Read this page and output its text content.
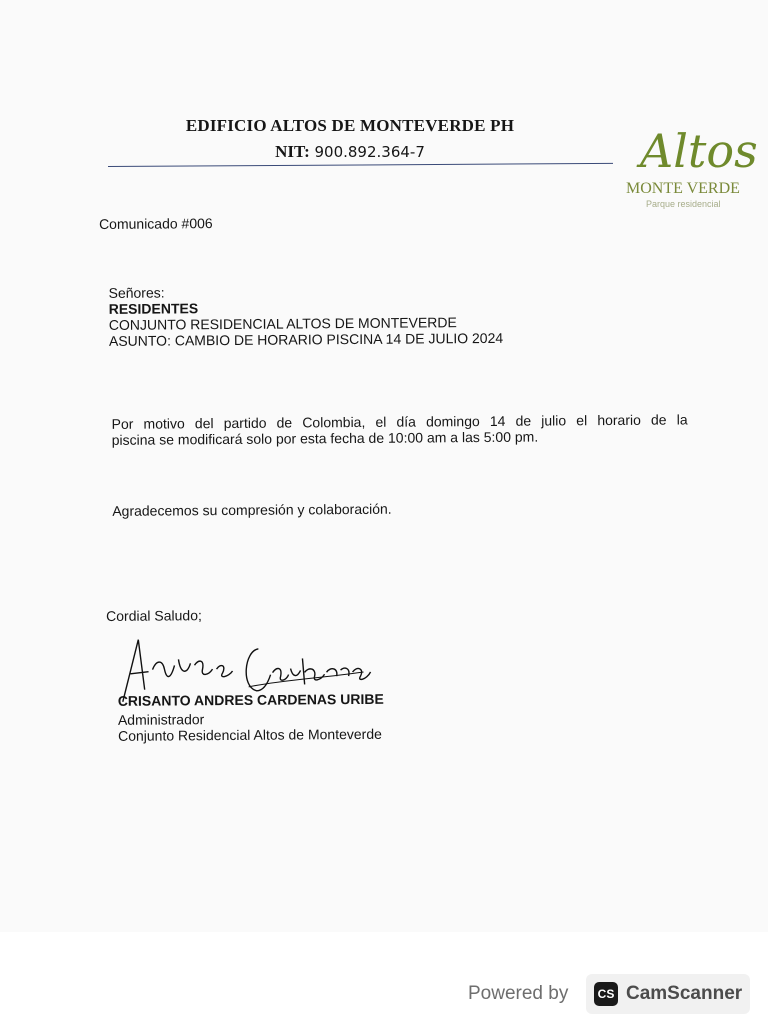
EDIFICIO ALTOS DE MONTEVERDE PH
NIT: 900.892.364-7	Altos
MONTE VERDE
Parque residencial
Comunicado #006
Señores:
RESIDENTES
CONJUNTO RESIDENCIAL ALTOS DE MONTEVERDE
ASUNTO: CAMBIO DE HORARIO PISCINA 14 DE JULIO 2024
Por motivo del partido de Colombia, el día domingo 14 de julio el horario de la
piscina se modificará solo por esta fecha de 10:00 am a las 5:00 pm.
Agradecemos su compresión y colaboración.
Cordial Saludo;
CRISANTO ANDRES CARDENAS URIBE
Administrador
Conjunto Residencial Altos de Monteverde
Powered by	CS CamScanner
